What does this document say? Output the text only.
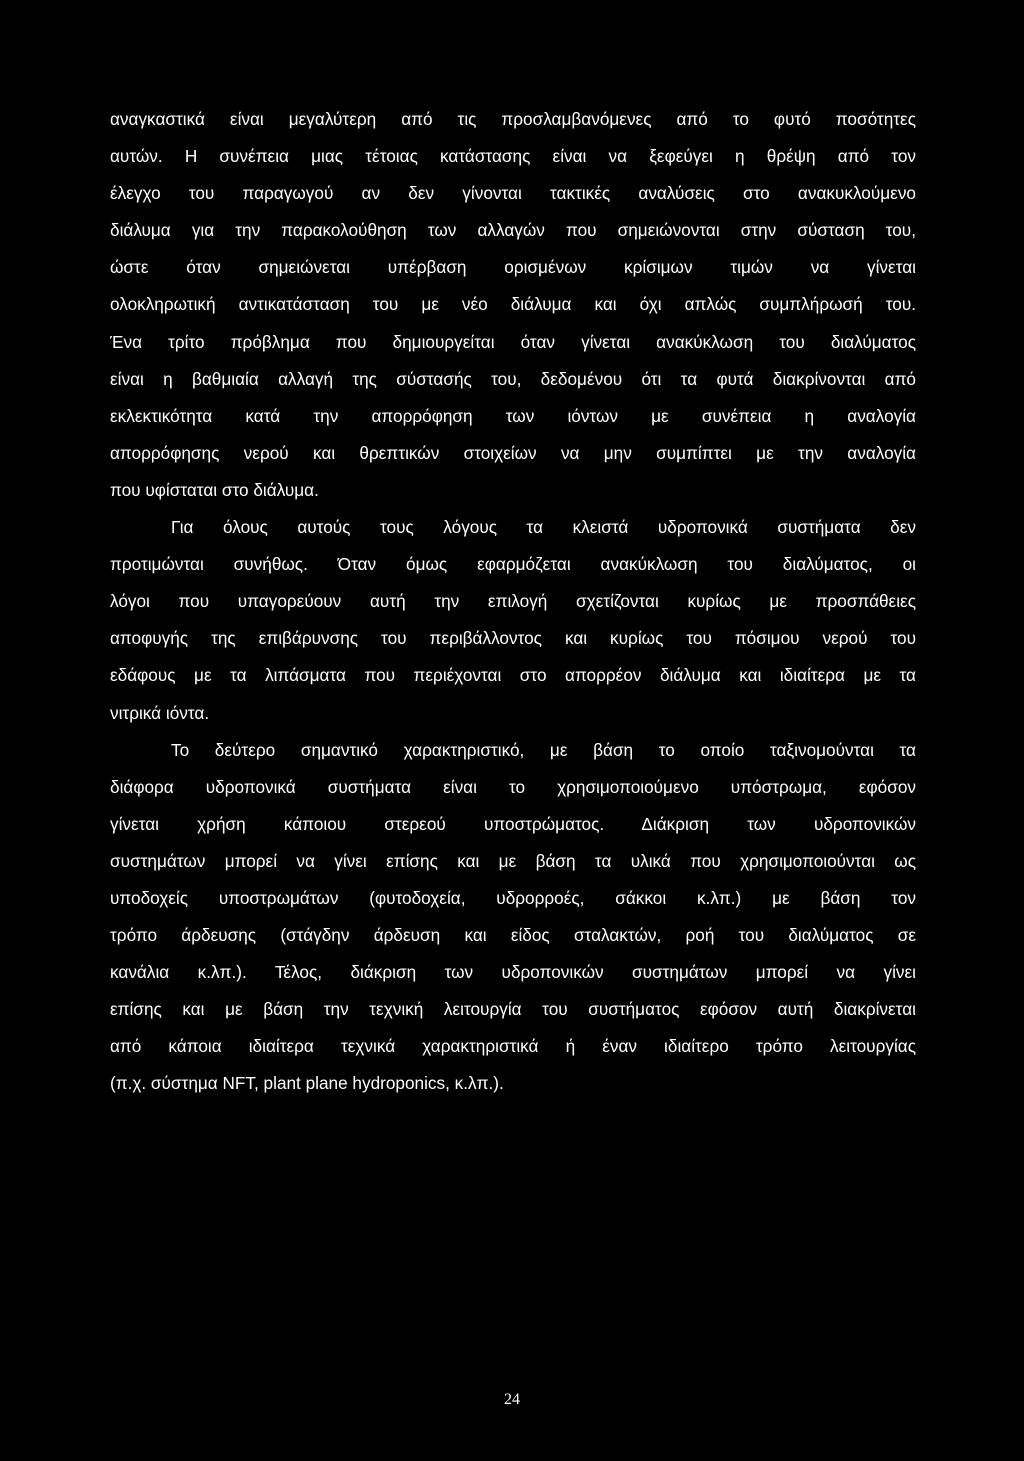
αναγκαστικά είναι μεγαλύτερη από τις προσλαμβανόμενες από το φυτό ποσότητες
αυτών. Η συνέπεια μιας τέτοιας κατάστασης είναι να ξεφεύγει η θρέψη από τον
έλεγχο του παραγωγού αν δεν γίνονται τακτικές αναλύσεις στο ανακυκλούμενο
διάλυμα για την παρακολούθηση των αλλαγών που σημειώνονται στην σύσταση του,
ώστε όταν σημειώνεται υπέρβαση ορισμένων κρίσιμων τιμών να γίνεται
ολοκληρωτική αντικατάσταση του με νέο διάλυμα και όχι απλώς συμπλήρωσή του.
Ένα τρίτο πρόβλημα που δημιουργείται όταν γίνεται ανακύκλωση του διαλύματος
είναι η βαθμιαία αλλαγή της σύστασής του, δεδομένου ότι τα φυτά διακρίνονται από
εκλεκτικότητα κατά την απορρόφηση των ιόντων με συνέπεια η αναλογία
απορρόφησης νερού και θρεπτικών στοιχείων να μην συμπίπτει με την αναλογία
που υφίσταται στο διάλυμα.
Για όλους αυτούς τους λόγους τα κλειστά υδροπονικά συστήματα δεν
προτιμώνται συνήθως. Όταν όμως εφαρμόζεται ανακύκλωση του διαλύματος, οι
λόγοι που υπαγορεύουν αυτή την επιλογή σχετίζονται κυρίως με προσπάθειες
αποφυγής της επιβάρυνσης του περιβάλλοντος και κυρίως του πόσιμου νερού του
εδάφους με τα λιπάσματα που περιέχονται στο απορρέον διάλυμα και ιδιαίτερα με τα
νιτρικά ιόντα.
Το δεύτερο σημαντικό χαρακτηριστικό, με βάση το οποίο ταξινομούνται τα
διάφορα υδροπονικά συστήματα είναι το χρησιμοποιούμενο υπόστρωμα, εφόσον
γίνεται χρήση κάποιου στερεού υποστρώματος. Διάκριση των υδροπονικών
συστημάτων μπορεί να γίνει επίσης και με βάση τα υλικά που χρησιμοποιούνται ως
υποδοχείς υποστρωμάτων (φυτοδοχεία, υδρορροές, σάκκοι κ.λπ.) με βάση τον
τρόπο άρδευσης (στάγδην άρδευση και είδος σταλακτών, ροή του διαλύματος σε
κανάλια κ.λπ.). Τέλος, διάκριση των υδροπονικών συστημάτων μπορεί να γίνει
επίσης και με βάση την τεχνική λειτουργία του συστήματος εφόσον αυτή διακρίνεται
από κάποια ιδιαίτερα τεχνικά χαρακτηριστικά ή έναν ιδιαίτερο τρόπο λειτουργίας
(π.χ. σύστημα NFT, plant plane hydroponics, κ.λπ.).
24
